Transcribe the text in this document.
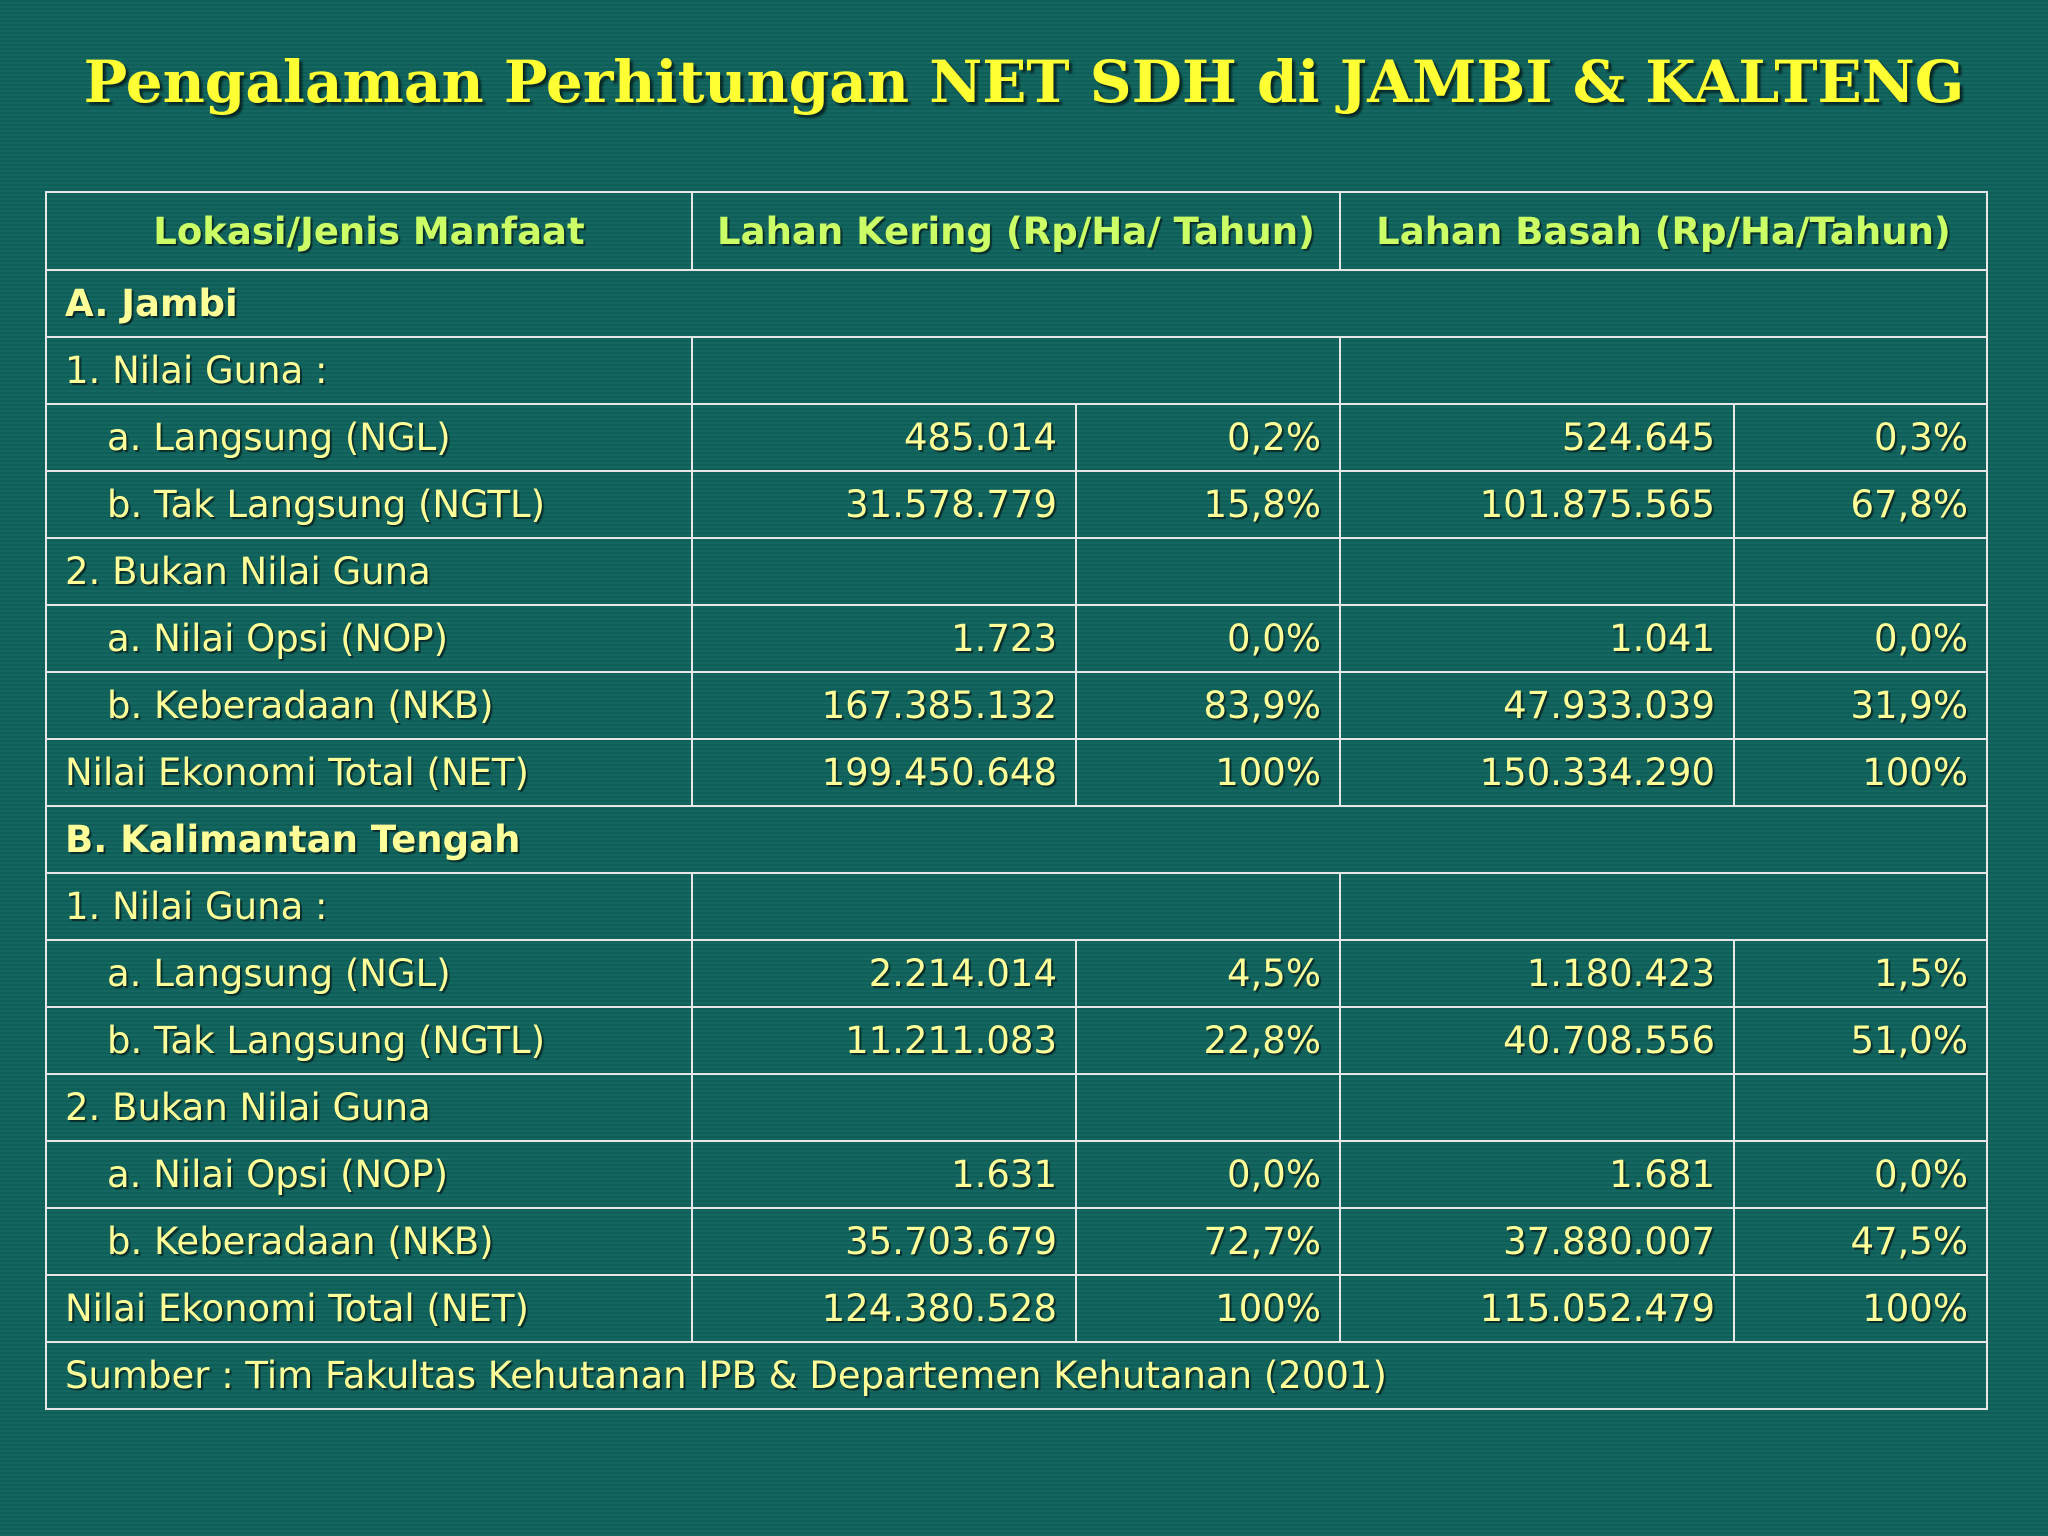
Pengalaman Perhitungan NET SDH di JAMBI & KALTENG
Lokasi/Jenis Manfaat	Lahan Kering (Rp/Ha/ Tahun)		Lahan Basah (Rp/Ha/Tahun)	
A. Jambi				
1. Nilai Guna :				
a. Langsung (NGL)	485.014	0,2%	524.645	0,3%
b. Tak Langsung (NGTL)	31.578.779	15,8%	101.875.565	67,8%
2. Bukan Nilai Guna				
a. Nilai Opsi (NOP)	1.723	0,0%	1.041	0,0%
b. Keberadaan (NKB)	167.385.132	83,9%	47.933.039	31,9%
Nilai Ekonomi Total (NET)	199.450.648	100%	150.334.290	100%
B. Kalimantan Tengah				
1. Nilai Guna :				
a. Langsung (NGL)	2.214.014	4,5%	1.180.423	1,5%
b. Tak Langsung (NGTL)	11.211.083	22,8%	40.708.556	51,0%
2. Bukan Nilai Guna				
a. Nilai Opsi (NOP)	1.631	0,0%	1.681	0,0%
b. Keberadaan (NKB)	35.703.679	72,7%	37.880.007	47,5%
Nilai Ekonomi Total (NET)	124.380.528	100%	115.052.479	100%
Sumber : Tim Fakultas Kehutanan IPB & Departemen Kehutanan (2001)				
